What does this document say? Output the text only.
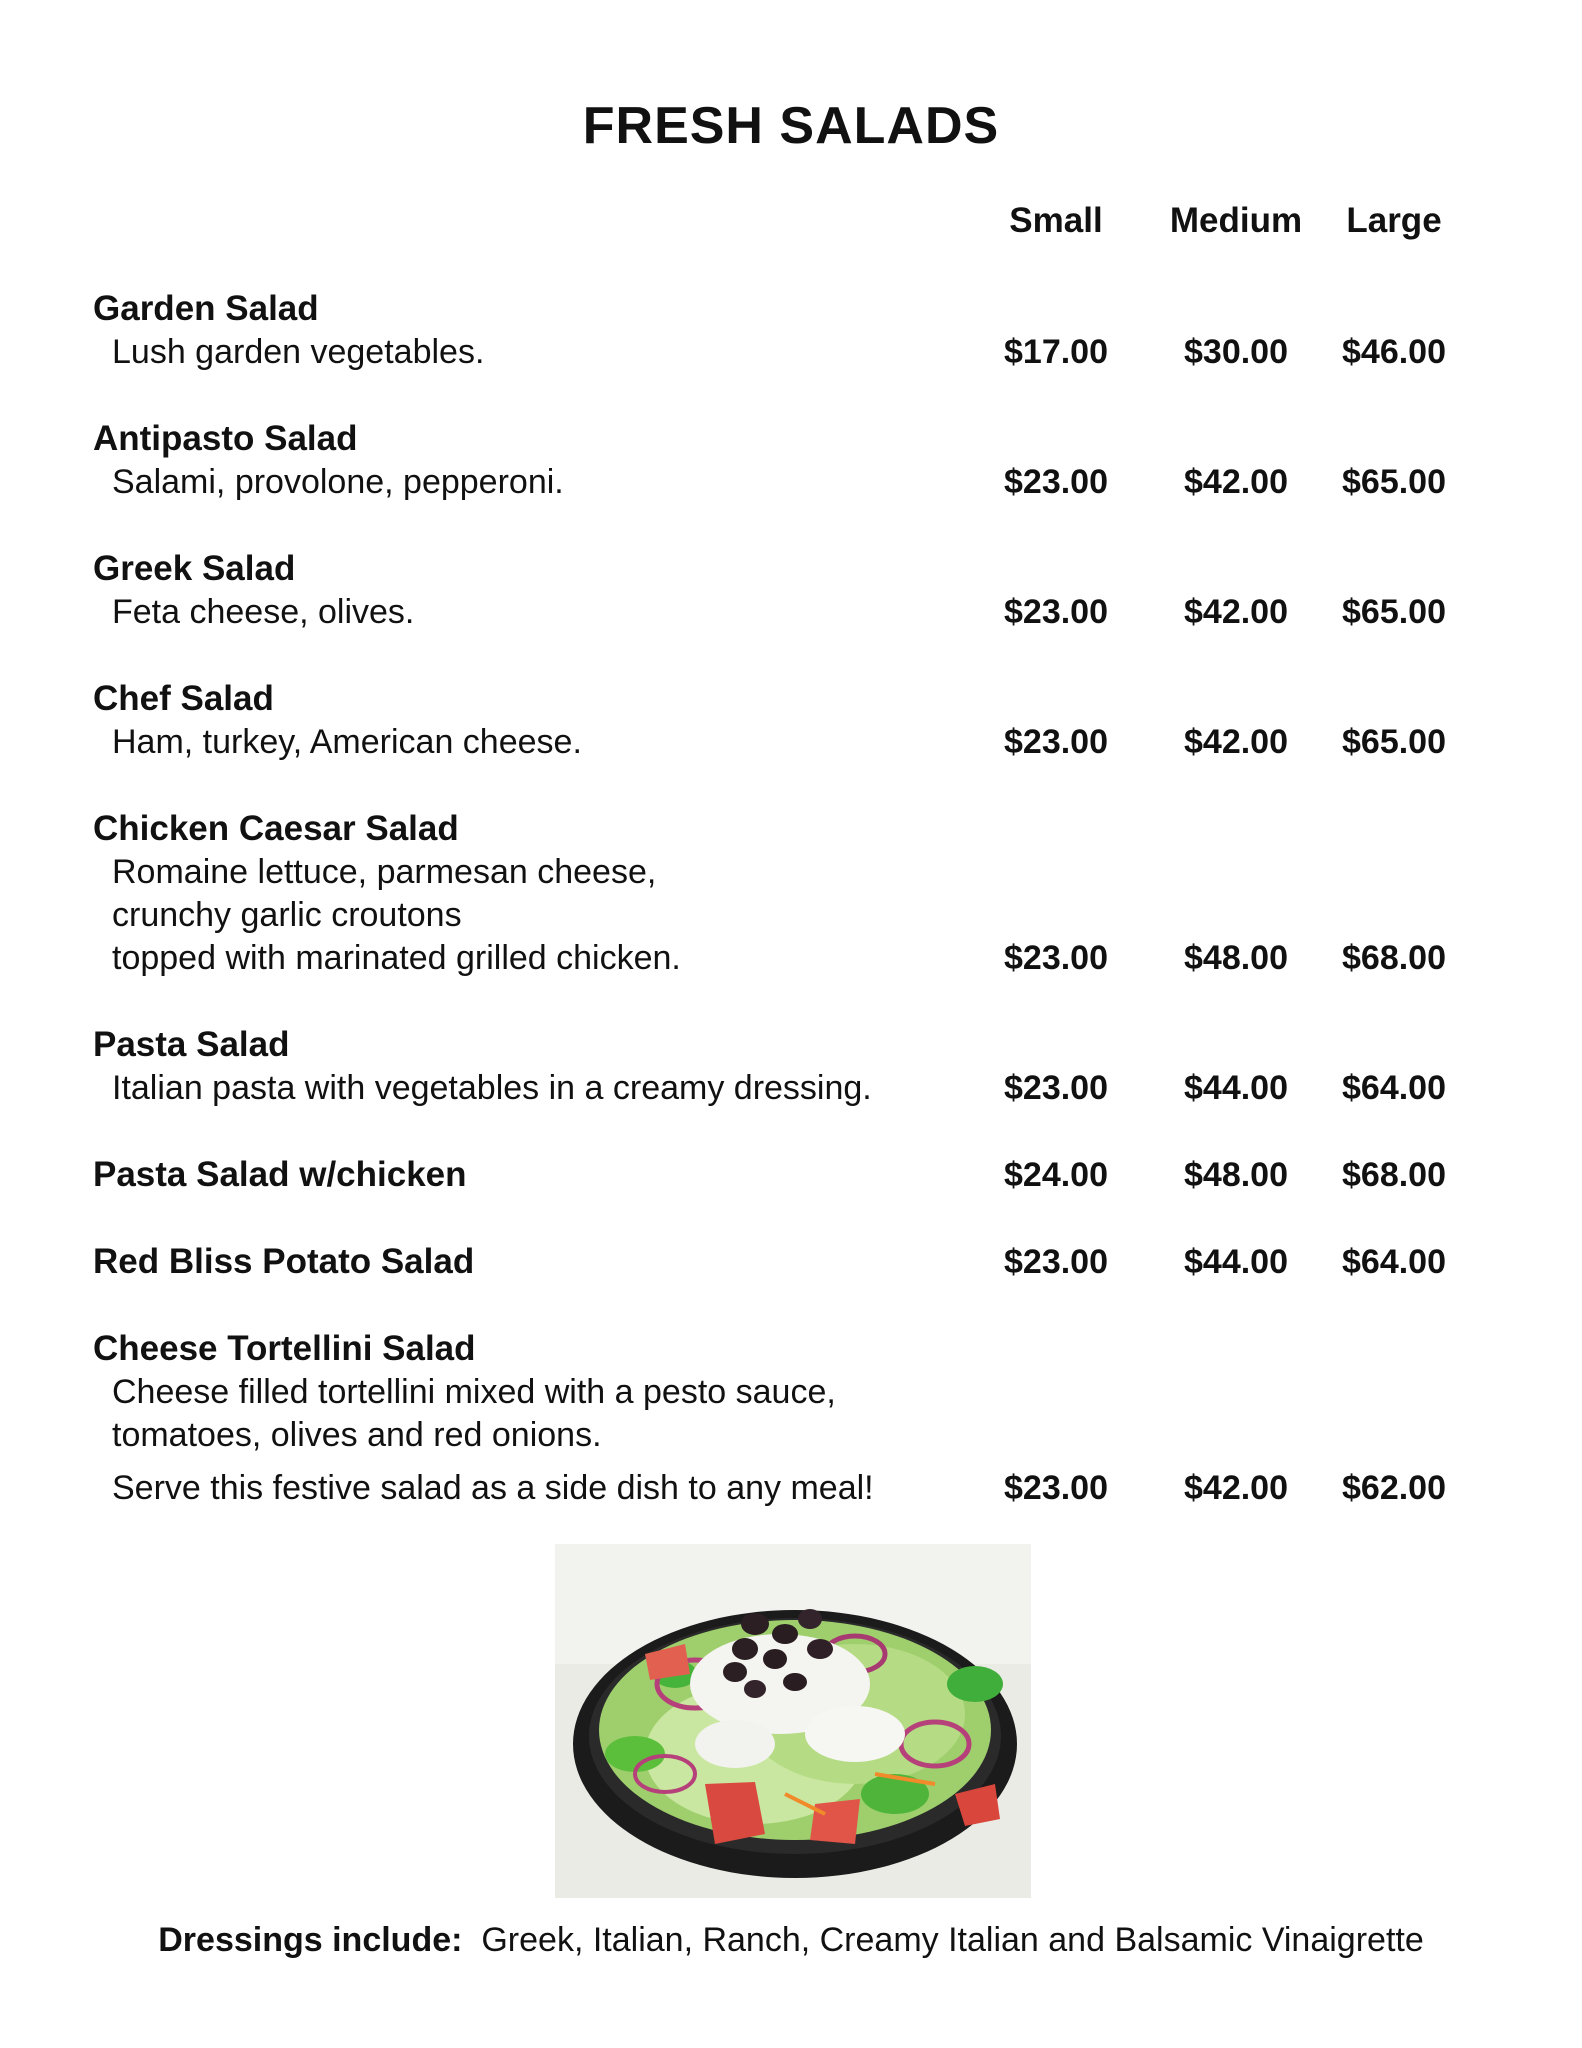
FRESH SALADS
Small	Medium	Large
Garden Salad
Lush garden vegetables.	$17.00	$30.00	$46.00
Antipasto Salad
Salami, provolone, pepperoni.	$23.00	$42.00	$65.00
Greek Salad
Feta cheese, olives.	$23.00	$42.00	$65.00
Chef Salad
Ham, turkey, American cheese.	$23.00	$42.00	$65.00
Chicken Caesar Salad
Romaine lettuce, parmesan cheese,
crunchy garlic croutons
topped with marinated grilled chicken.	$23.00	$48.00	$68.00
Pasta Salad
Italian pasta with vegetables in a creamy dressing.	$23.00	$44.00	$64.00
Pasta Salad w/chicken	$24.00	$48.00	$68.00
Red Bliss Potato Salad	$23.00	$44.00	$64.00
Cheese Tortellini Salad
Cheese filled tortellini mixed with a pesto sauce,
tomatoes, olives and red onions.
Serve this festive salad as a side dish to any meal!	$23.00	$42.00	$62.00
Dressings include: Greek, Italian, Ranch, Creamy Italian and Balsamic Vinaigrette
